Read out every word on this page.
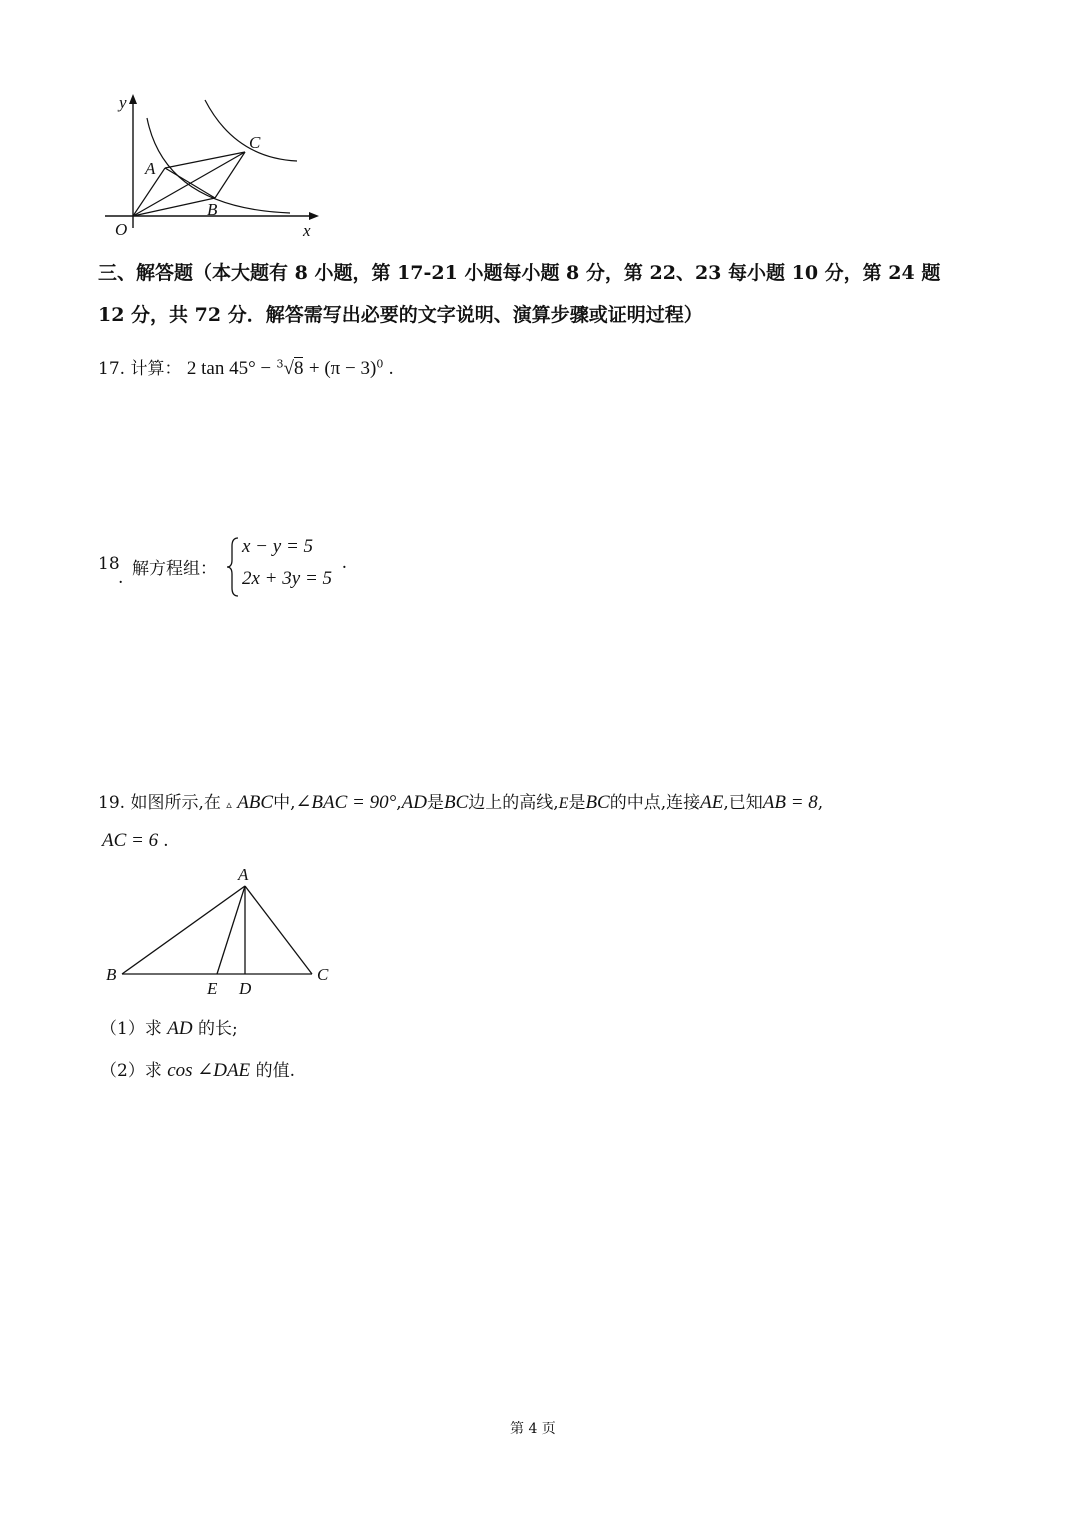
y
x
O
A
B
C
三、解答题（本大题有 8 小题，第 17-21 小题每小题 8 分，第 22、23 每小题 10 分，第 24 题
12 分，共 72 分．解答需写出必要的文字说明、演算步骤或证明过程）
17. 计算： 2 $\tan 45^\circ - ^3√8 + (\pi - 3)^0$ .
18
. 解方程组：
x − y = 5
2x + 3y = 5
.
19. 如图所示,在 ▵ ABC中,∠BAC = 90°,AD是BC边上的高线,E是BC的中点,连接AE,已知AB = 8,
AC = 6 .
A
B	C
E D
（1）求 AD 的长;
（2）求 cos ∠DAE 的值.
第 4 页
